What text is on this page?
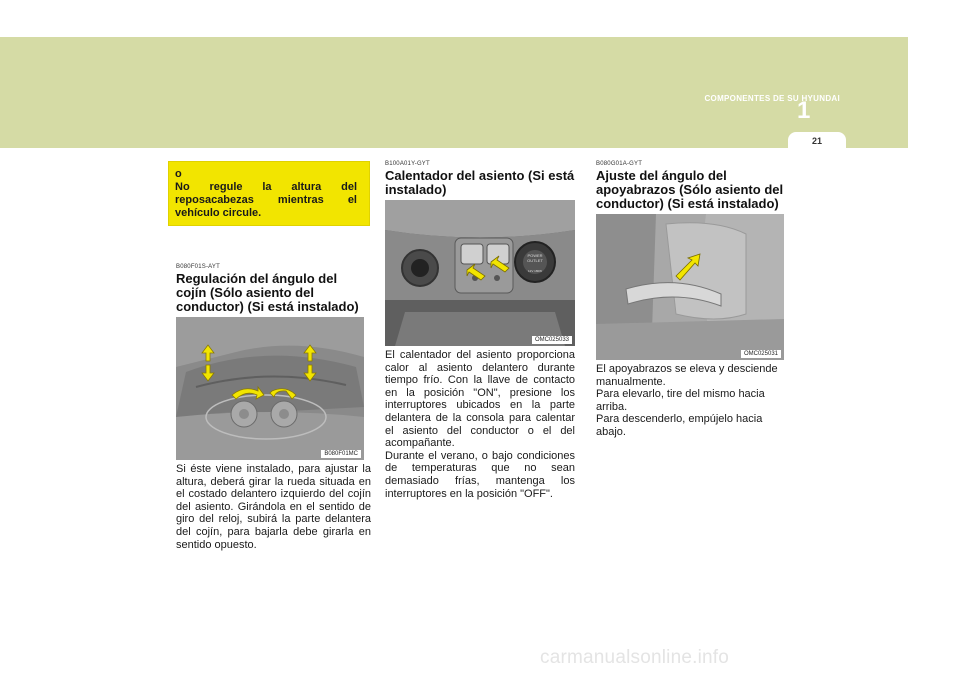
COMPONENTES DE SU HYUNDAI
1
21
oNo regule la altura del reposacabezas mientras el vehículo circule.
B080F01S-AYT
Regulación del ángulo del cojín (Sólo asiento del conductor) (Si está instalado)
B080F01MC

Si éste viene instalado, para ajustar la altura, deberá girar la rueda situada en el costado delantero izquierdo del cojín del asiento. Girándola en el sentido de giro del reloj, subirá la parte delantera del cojín, para bajarla debe girarla en sentido opuesto.

B100A01Y-GYT
Calentador del asiento (Si está instalado)
POWER
OUTLET
12V 180W
OMC025033

El calentador del asiento proporciona calor al asiento delantero durante tiempo frío. Con la llave de contacto en la posición "ON", presione los interruptores ubicados en la parte delantera de la consola para calentar el asiento del conductor o el del acompañante.

Durante el verano, o bajo condiciones de temperaturas que no sean demasiado frías, mantenga los interruptores en la posición "OFF".

B080G01A-GYT
Ajuste del ángulo del apoyabrazos (Sólo asiento del conductor) (Si está instalado)
OMC025031

El apoyabrazos se eleva y desciende manualmente.

Para elevarlo, tire del mismo hacia arriba.

Para descenderlo, empújelo hacia abajo.

carmanualsonline.info
